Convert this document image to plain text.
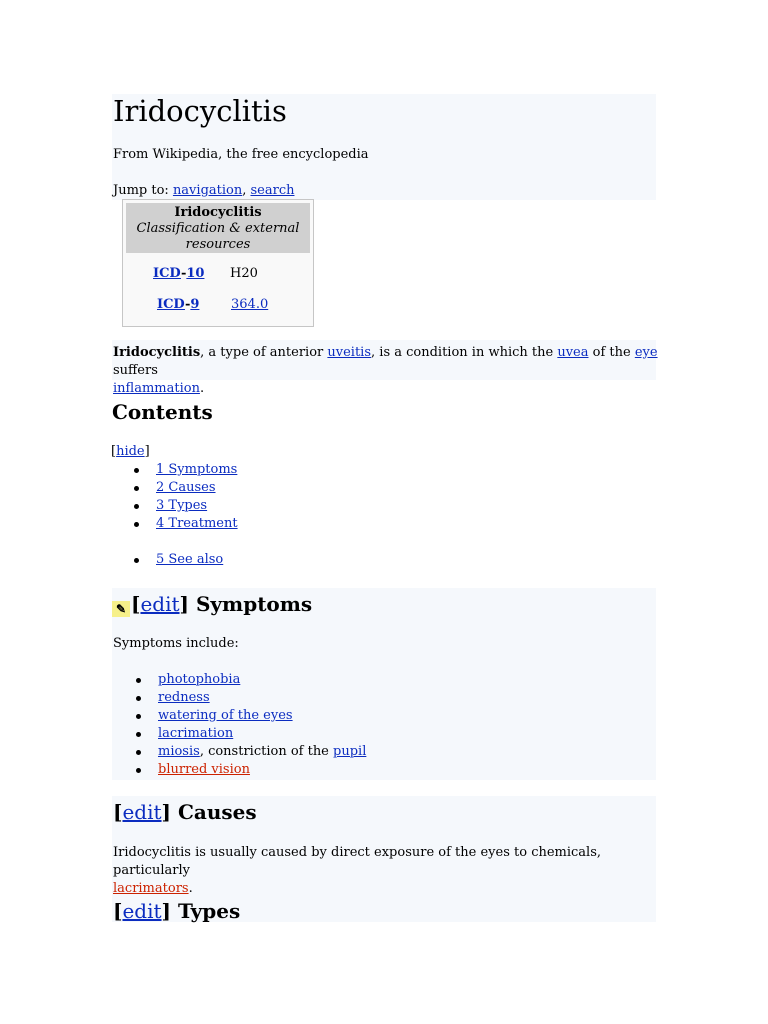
Iridocyclitis
From Wikipedia, the free encyclopedia
Jump to: navigation, search
Iridocyclitis
Classification & external resources
ICD-10 H20
ICD-9 364.0
Iridocyclitis, a type of anterior uveitis, is a condition in which the uvea of the eye suffers
inflammation.
Contents
[hide]
1 Symptoms
2 Causes
3 Types
4 Treatment
5 See also
✎ [edit] Symptoms
Symptoms include:
photophobia
redness
watering of the eyes
lacrimation
miosis, constriction of the pupil
blurred vision
[edit] Causes
Iridocyclitis is usually caused by direct exposure of the eyes to chemicals, particularly
lacrimators.
[edit] Types
